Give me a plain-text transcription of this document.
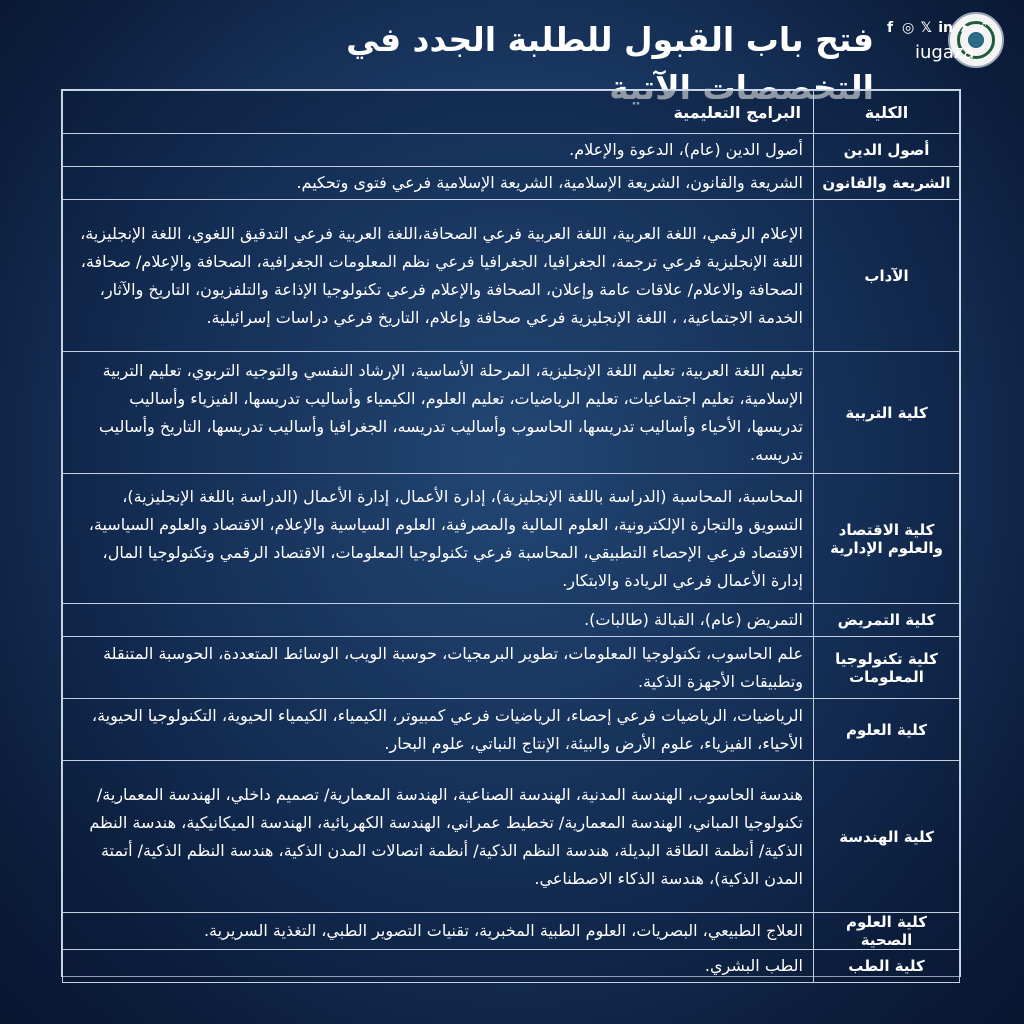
فتح باب القبول للطلبة الجدد في التخصصات الآتية
f ◎ 𝕏 in ➤ ♪
iugaza
الكلية	البرامج التعليمية
أصول الدين	أصول الدين (عام)، الدعوة والإعلام.
الشريعة والقانون	الشريعة والقانون، الشريعة الإسلامية، الشريعة الإسلامية فرعي فتوى وتحكيم.
الآداب	الإعلام الرقمي، اللغة العربية، اللغة العربية فرعي الصحافة،اللغة العربية فرعي التدقيق اللغوي، اللغة الإنجليزية، اللغة الإنجليزية فرعي ترجمة، الجغرافيا، الجغرافيا فرعي نظم المعلومات الجغرافية، الصحافة والإعلام/ صحافة، الصحافة والاعلام/ علاقات عامة وإعلان، الصحافة والإعلام فرعي تكنولوجيا الإذاعة والتلفزيون، التاريخ والآثار، الخدمة الاجتماعية، ، اللغة الإنجليزية فرعي صحافة وإعلام، التاريخ فرعي دراسات إسرائيلية.
كلية التربية	تعليم اللغة العربية، تعليم اللغة الإنجليزية، المرحلة الأساسية، الإرشاد النفسي والتوجيه التربوي، تعليم التربية الإسلامية، تعليم اجتماعيات، تعليم الرياضيات، تعليم العلوم، الكيمياء وأساليب تدريسها، الفيزياء وأساليب تدريسها، الأحياء وأساليب تدريسها، الحاسوب وأساليب تدريسه، الجغرافيا وأساليب تدريسها، التاريخ وأساليب تدريسه.
كلية الاقتصاد والعلوم الإدارية	المحاسبة، المحاسبة (الدراسة باللغة الإنجليزية)، إدارة الأعمال، إدارة الأعمال (الدراسة باللغة الإنجليزية)، التسويق والتجارة الإلكترونية، العلوم المالية والمصرفية، العلوم السياسية والإعلام، الاقتصاد والعلوم السياسية، الاقتصاد فرعي الإحصاء التطبيقي، المحاسبة فرعي تكنولوجيا المعلومات، الاقتصاد الرقمي وتكنولوجيا المال، إدارة الأعمال فرعي الريادة والابتكار.
كلية التمريض	التمريض (عام)، القبالة (طالبات).
كلية تكنولوجيا المعلومات	علم الحاسوب، تكنولوجيا المعلومات، تطوير البرمجيات، حوسبة الويب، الوسائط المتعددة، الحوسبة المتنقلة وتطبيقات الأجهزة الذكية.
كلية العلوم	الرياضيات، الرياضيات فرعي إحصاء، الرياضيات فرعي كمبيوتر، الكيمياء، الكيمياء الحيوية، التكنولوجيا الحيوية، الأحياء، الفيزياء، علوم الأرض والبيئة، الإنتاج النباتي، علوم البحار.
كلية الهندسة	هندسة الحاسوب، الهندسة المدنية، الهندسة الصناعية، الهندسة المعمارية/ تصميم داخلي، الهندسة المعمارية/ تكنولوجيا المباني، الهندسة المعمارية/ تخطيط عمراني، الهندسة الكهربائية، الهندسة الميكانيكية، هندسة النظم الذكية/ أنظمة الطاقة البديلة، هندسة النظم الذكية/ أنظمة اتصالات المدن الذكية، هندسة النظم الذكية/ أتمتة المدن الذكية)، هندسة الذكاء الاصطناعي.
كلية العلوم الصحية	العلاج الطبيعي، البصريات، العلوم الطبية المخبرية، تقنيات التصوير الطبي، التغذية السريرية.
كلية الطب	الطب البشري.
